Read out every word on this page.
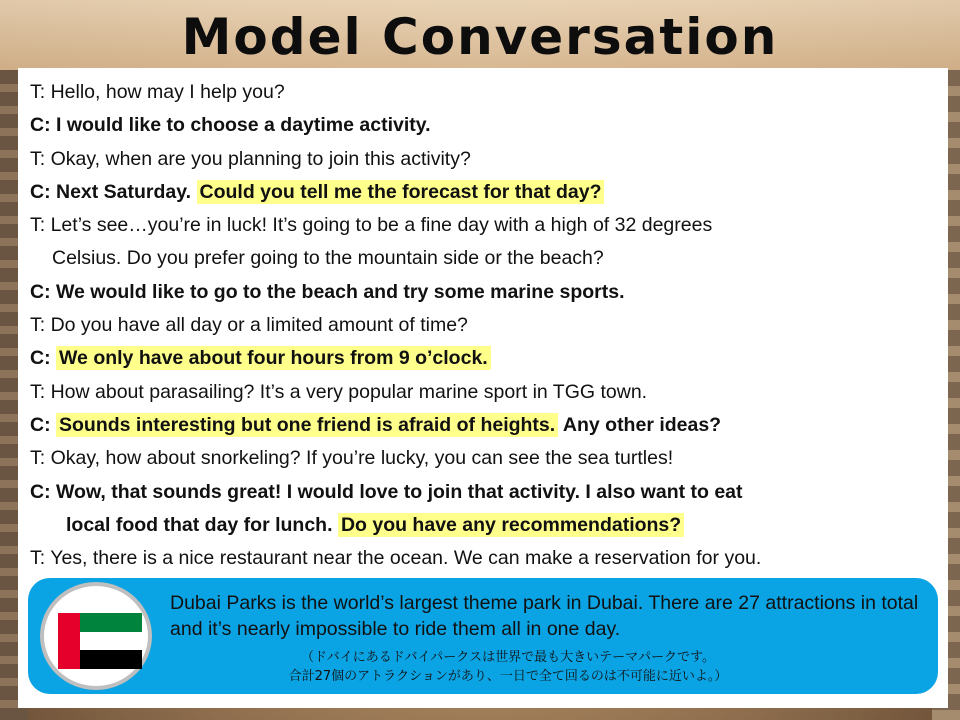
Model Conversation
T: Hello, how may I help you?
C: I would like to choose a daytime activity.
T: Okay, when are you planning to join this activity?
C: Next Saturday. Could you tell me the forecast for that day?
T: Let’s see…you’re in luck! It’s going to be a fine day with a high of 32 degrees
Celsius. Do you prefer going to the mountain side or the beach?
C: We would like to go to the beach and try some marine sports.
T: Do you have all day or a limited amount of time?
C: We only have about four hours from 9 o’clock.
T: How about parasailing? It’s a very popular marine sport in TGG town.
C: Sounds interesting but one friend is afraid of heights. Any other ideas?
T: Okay, how about snorkeling? If you’re lucky, you can see the sea turtles!
C: Wow, that sounds great! I would love to join that activity. I also want to eat
local food that day for lunch. Do you have any recommendations?
T: Yes, there is a nice restaurant near the ocean. We can make a reservation for you.
Dubai Parks is the world’s largest theme park in Dubai. There are 27 attractions in total and it’s nearly impossible to ride them all in one day.
（ドバイにあるドバイパークスは世界で最も大きいテーマパークです。
合計27個のアトラクションがあり、一日で全て回るのは不可能に近いよ。）
